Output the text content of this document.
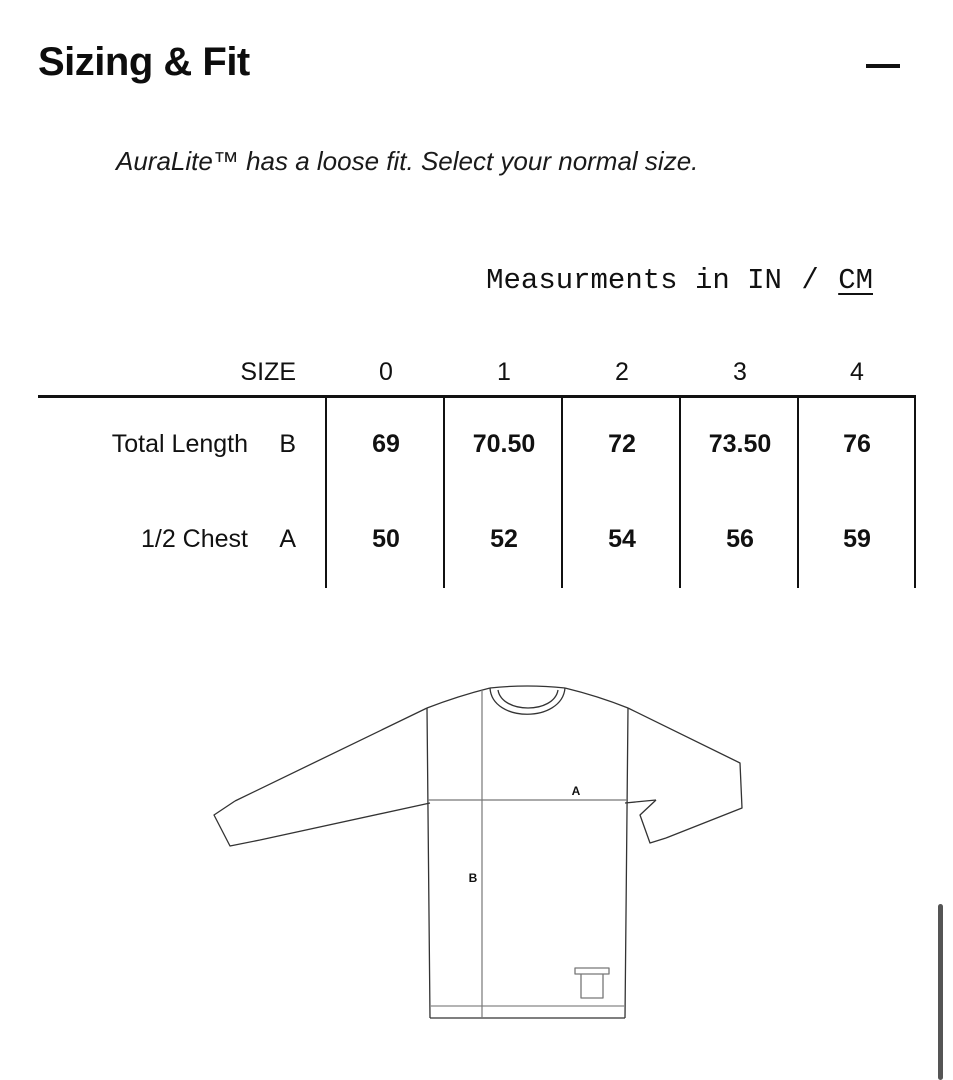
Sizing & Fit
AuraLite™ has a loose fit. Select your normal size.
Measurments in IN / CM
SIZE	0	1	2	3	4
Total Length B	69	70.50	72	73.50	76
1/2 Chest A	50	52	54	56	59
A
B
